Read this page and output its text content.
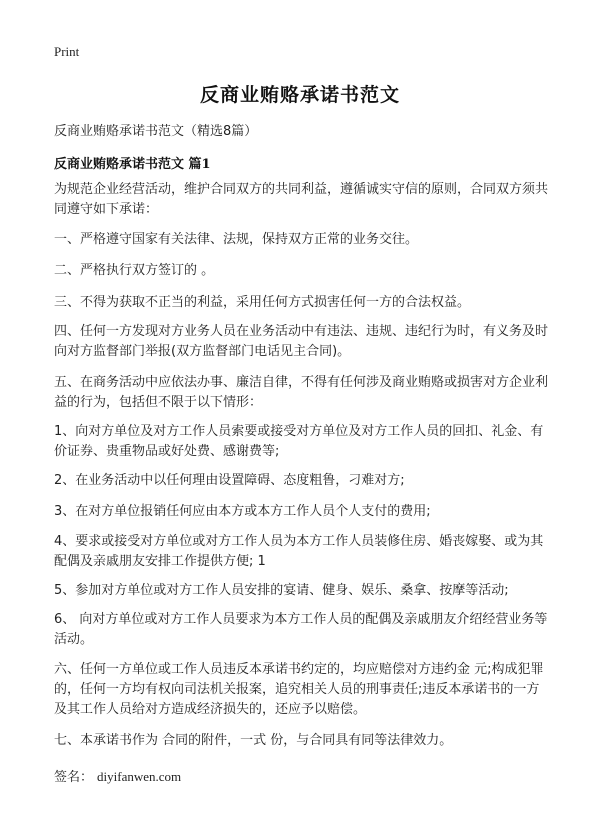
Print
反商业贿赂承诺书范文
反商业贿赂承诺书范文（精选8篇）
反商业贿赂承诺书范文 篇1

为规范企业经营活动，维护合同双方的共同利益，遵循诚实守信的原则，合同双方须共同遵守如下承诺：

一、严格遵守国家有关法律、法规，保持双方正常的业务交往。

二、严格执行双方签订的 。

三、不得为获取不正当的利益，采用任何方式损害任何一方的合法权益。

四、任何一方发现对方业务人员在业务活动中有违法、违规、违纪行为时，有义务及时向对方监督部门举报(双方监督部门电话见主合同)。

五、在商务活动中应依法办事、廉洁自律，不得有任何涉及商业贿赂或损害对方企业利益的行为，包括但不限于以下情形：

1、向对方单位及对方工作人员索要或接受对方单位及对方工作人员的回扣、礼金、有价证券、贵重物品或好处费、感谢费等;

2、在业务活动中以任何理由设置障碍、态度粗鲁，刁难对方;

3、在对方单位报销任何应由本方或本方工作人员个人支付的费用;

4、要求或接受对方单位或对方工作人员为本方工作人员装修住房、婚丧嫁娶、或为其配偶及亲戚朋友安排工作提供方便; 1

5、参加对方单位或对方工作人员安排的宴请、健身、娱乐、桑拿、按摩等活动;

6、 向对方单位或对方工作人员要求为本方工作人员的配偶及亲戚朋友介绍经营业务等活动。

六、任何一方单位或工作人员违反本承诺书约定的，均应赔偿对方违约金 元;构成犯罪的，任何一方均有权向司法机关报案，追究相关人员的刑事责任;违反本承诺书的一方及其工作人员给对方造成经济损失的，还应予以赔偿。

七、本承诺书作为 合同的附件，一式 份，与合同具有同等法律效力。

签名： diyifanwen.com
